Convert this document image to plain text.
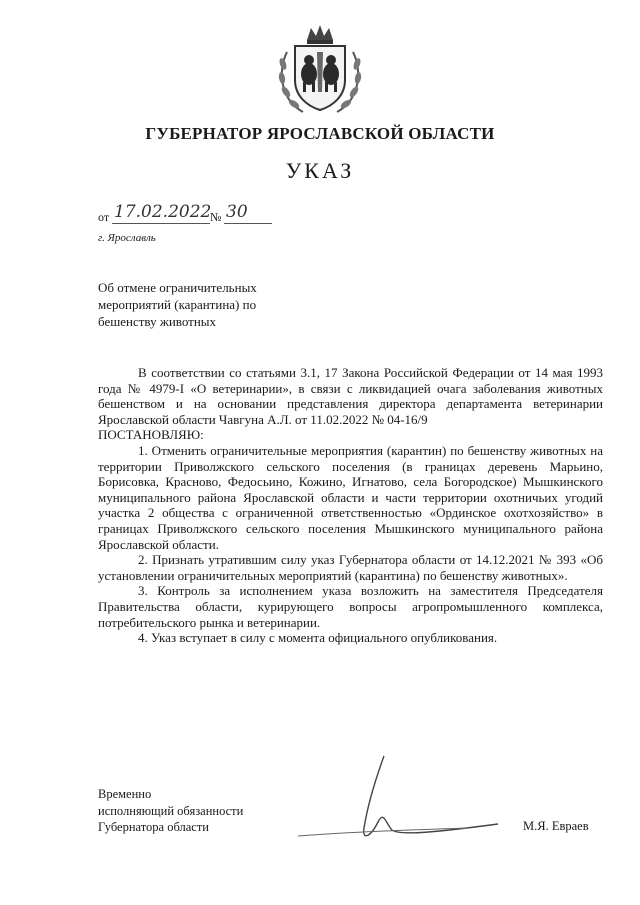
ГУБЕРНАТОР ЯРОСЛАВСКОЙ ОБЛАСТИ
УКАЗ
от 17.02.2022
№ 30
г. Ярославль
Об отмене ограничительных
мероприятий (карантина) по
бешенству животных

В соответствии со статьями 3.1, 17 Закона Российской Федерации от 14 мая 1993 года № 4979-I «О ветеринарии», в связи с ликвидацией очага заболевания животных бешенством и на основании представления директора департамента ветеринарии Ярославской области Чавгуна А.Л. от 11.02.2022 № 04-16/9

ПОСТАНОВЛЯЮ:

1. Отменить ограничительные мероприятия (карантин) по бешенству животных на территории Приволжского сельского поселения (в границах деревень Марьино, Борисовка, Красново, Федосьино, Кожино, Игнатово, села Богородское) Мышкинского муниципального района Ярославской области и части территории охотничьих угодий участка 2 общества с ограниченной ответственностью «Ординское охотхозяйство» в границах Приволжского сельского поселения Мышкинского муниципального района Ярославской области.

2. Признать утратившим силу указ Губернатора области от 14.12.2021 № 393 «Об установлении ограничительных мероприятий (карантина) по бешенству животных».

3. Контроль за исполнением указа возложить на заместителя Председателя Правительства области, курирующего вопросы агропромышленного комплекса, потребительского рынка и ветеринарии.

4. Указ вступает в силу с момента официального опубликования.

Временно
исполняющий обязанности
Губернатора области	М.Я. Евраев
